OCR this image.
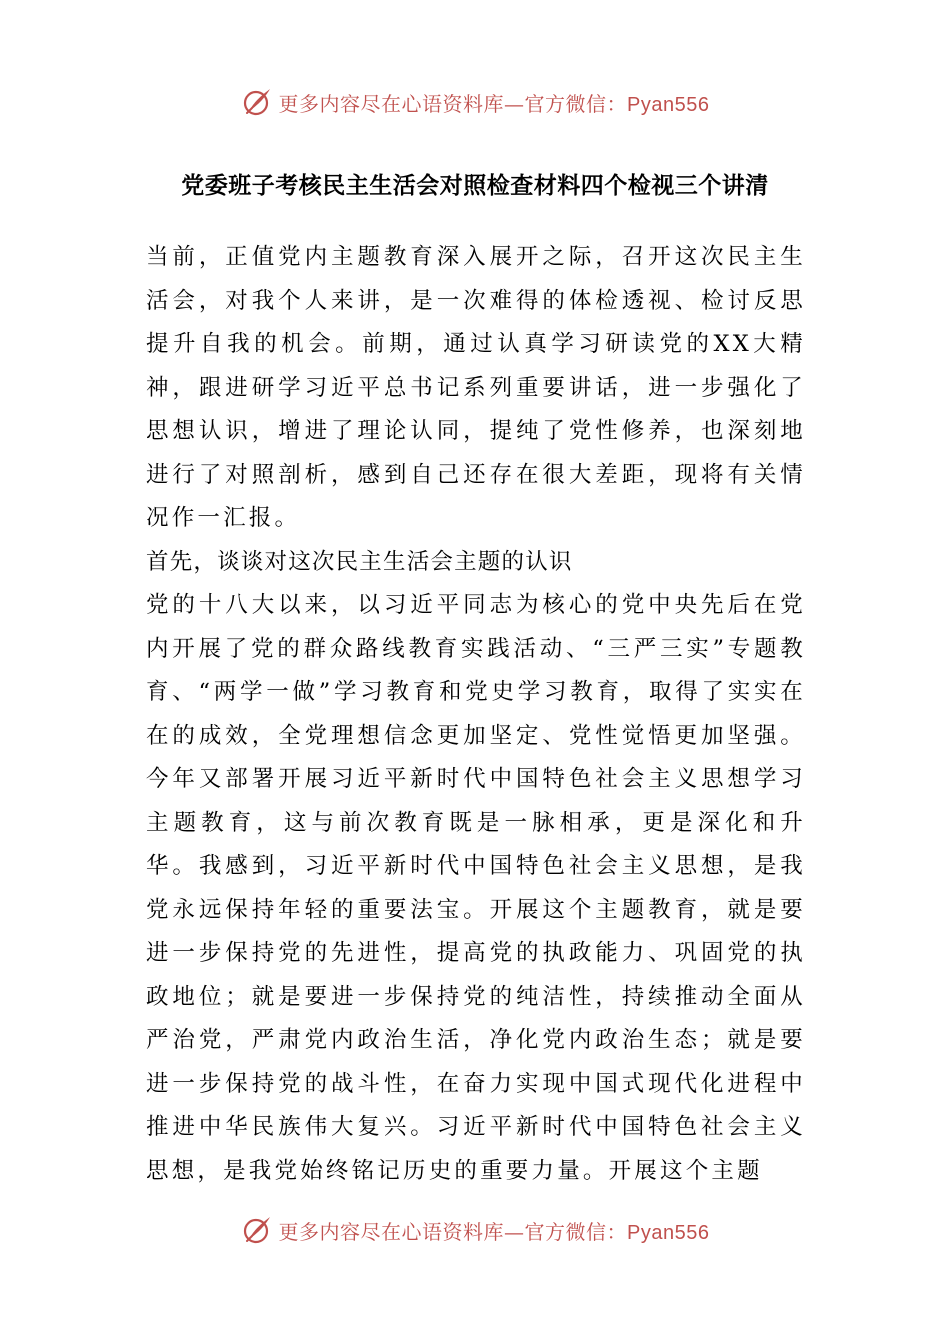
更多内容尽在心语资料库—官方微信：Pyan556
党委班子考核民主生活会对照检查材料四个检视三个讲清

当前，正值党内主题教育深入展开之际，召开这次民主生活会，对我个人来讲，是一次难得的体检透视、检讨反思提升自我的机会。前期，通过认真学习研读党的XX大精神，跟进研学习近平总书记系列重要讲话，进一步强化了思想认识，增进了理论认同，提纯了党性修养，也深刻地进行了对照剖析，感到自己还存在很大差距，现将有关情况作一汇报。

首先，谈谈对这次民主生活会主题的认识

党的十八大以来，以习近平同志为核心的党中央先后在党内开展了党的群众路线教育实践活动、“三严三实”专题教育、“两学一做”学习教育和党史学习教育，取得了实实在在的成效，全党理想信念更加坚定、党性觉悟更加坚强。今年又部署开展习近平新时代中国特色社会主义思想学习主题教育，这与前次教育既是一脉相承，更是深化和升华。我感到，习近平新时代中国特色社会主义思想，是我党永远保持年轻的重要法宝。开展这个主题教育，就是要进一步保持党的先进性，提高党的执政能力、巩固党的执政地位；就是要进一步保持党的纯洁性，持续推动全面从严治党，严肃党内政治生活，净化党内政治生态；就是要进一步保持党的战斗性，在奋力实现中国式现代化进程中推进中华民族伟大复兴。习近平新时代中国特色社会主义思想，是我党始终铭记历史的重要力量。开展这个主题

更多内容尽在心语资料库—官方微信：Pyan556
